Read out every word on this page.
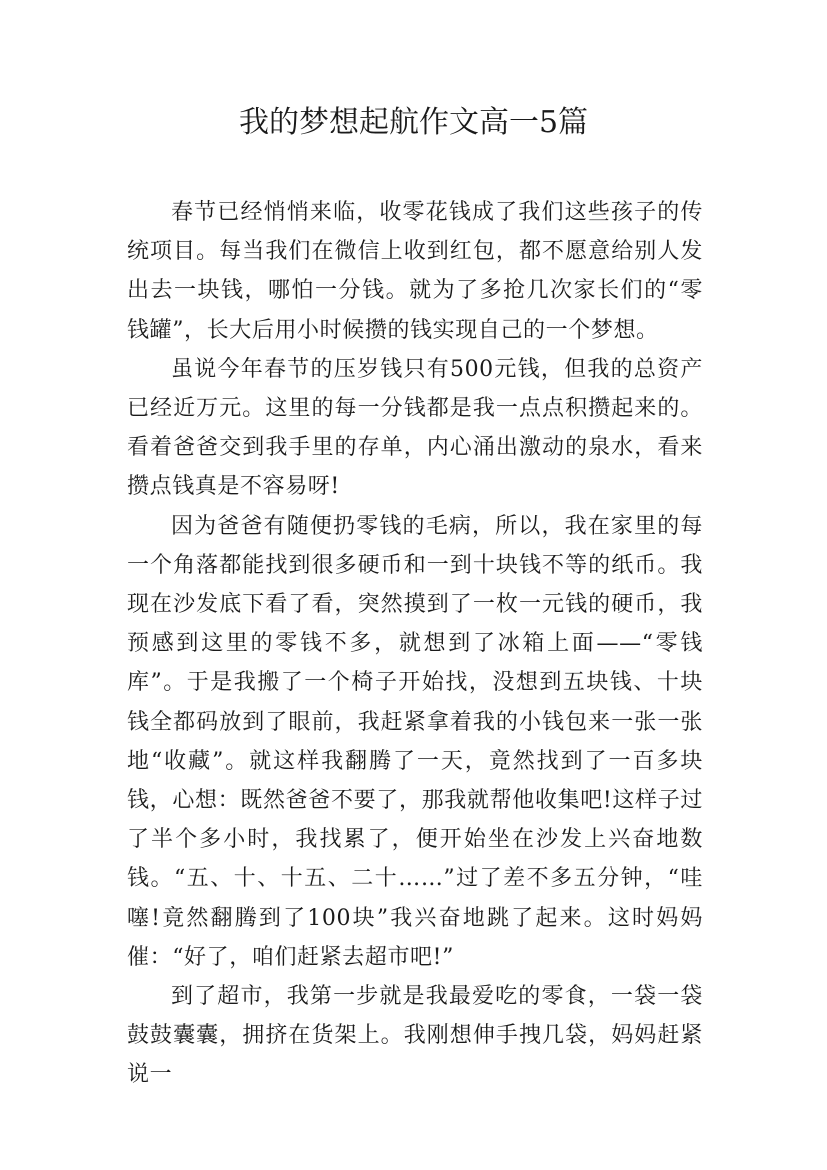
我的梦想起航作文高一5篇

春节已经悄悄来临，收零花钱成了我们这些孩子的传统项目。每当我们在微信上收到红包，都不愿意给别人发出去一块钱，哪怕一分钱。就为了多抢几次家长们的“零钱罐”，长大后用小时候攒的钱实现自己的一个梦想。

虽说今年春节的压岁钱只有500元钱，但我的总资产已经近万元。这里的每一分钱都是我一点点积攒起来的。看着爸爸交到我手里的存单，内心涌出激动的泉水，看来攒点钱真是不容易呀!

因为爸爸有随便扔零钱的毛病，所以，我在家里的每一个角落都能找到很多硬币和一到十块钱不等的纸币。我现在沙发底下看了看，突然摸到了一枚一元钱的硬币，我预感到这里的零钱不多，就想到了冰箱上面——“零钱库”。于是我搬了一个椅子开始找，没想到五块钱、十块钱全都码放到了眼前，我赶紧拿着我的小钱包来一张一张地“收藏”。就这样我翻腾了一天，竟然找到了一百多块钱，心想：既然爸爸不要了，那我就帮他收集吧!这样子过了半个多小时，我找累了，便开始坐在沙发上兴奋地数钱。“五、十、十五、二十……”过了差不多五分钟，“哇噻!竟然翻腾到了100块”我兴奋地跳了起来。这时妈妈催：“好了，咱们赶紧去超市吧!”

到了超市，我第一步就是我最爱吃的零食，一袋一袋鼓鼓囊囊，拥挤在货架上。我刚想伸手拽几袋，妈妈赶紧说一
